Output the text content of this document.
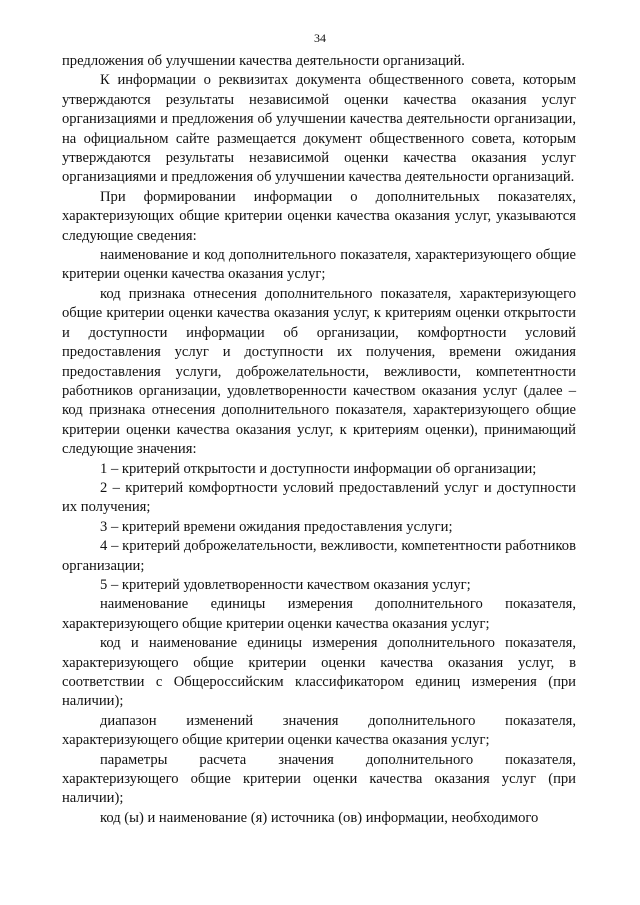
34

предложения об улучшении качества деятельности организаций.

К информации о реквизитах документа общественного совета, которым утверждаются результаты независимой оценки качества оказания услуг организациями и предложения об улучшении качества деятельности организации, на официальном сайте размещается документ общественного совета, которым утверждаются результаты независимой оценки качества оказания услуг организациями и предложения об улучшении качества деятельности организаций.

При формировании информации о дополнительных показателях, характеризующих общие критерии оценки качества оказания услуг, указываются следующие сведения:

наименование и код дополнительного показателя, характеризующего общие критерии оценки качества оказания услуг;

код признака отнесения дополнительного показателя, характеризующего общие критерии оценки качества оказания услуг, к критериям оценки открытости и доступности информации об организации, комфортности условий предоставления услуг и доступности их получения, времени ожидания предоставления услуги, доброжелательности, вежливости, компетентности работников организации, удовлетворенности качеством оказания услуг (далее – код признака отнесения дополнительного показателя, характеризующего общие критерии оценки качества оказания услуг, к критериям оценки), принимающий следующие значения:

1 – критерий открытости и доступности информации об организации;

2 – критерий комфортности условий предоставлений услуг и доступности их получения;

3 – критерий времени ожидания предоставления услуги;

4 – критерий доброжелательности, вежливости, компетентности работников организации;

5 – критерий удовлетворенности качеством оказания услуг;

наименование единицы измерения дополнительного показателя, характеризующего общие критерии оценки качества оказания услуг;

код и наименование единицы измерения дополнительного показателя, характеризующего общие критерии оценки качества оказания услуг, в соответствии с Общероссийским классификатором единиц измерения (при наличии);

диапазон изменений значения дополнительного показателя, характеризующего общие критерии оценки качества оказания услуг;

параметры расчета значения дополнительного показателя, характеризующего общие критерии оценки качества оказания услуг (при наличии);

код (ы) и наименование (я) источника (ов) информации, необходимого
